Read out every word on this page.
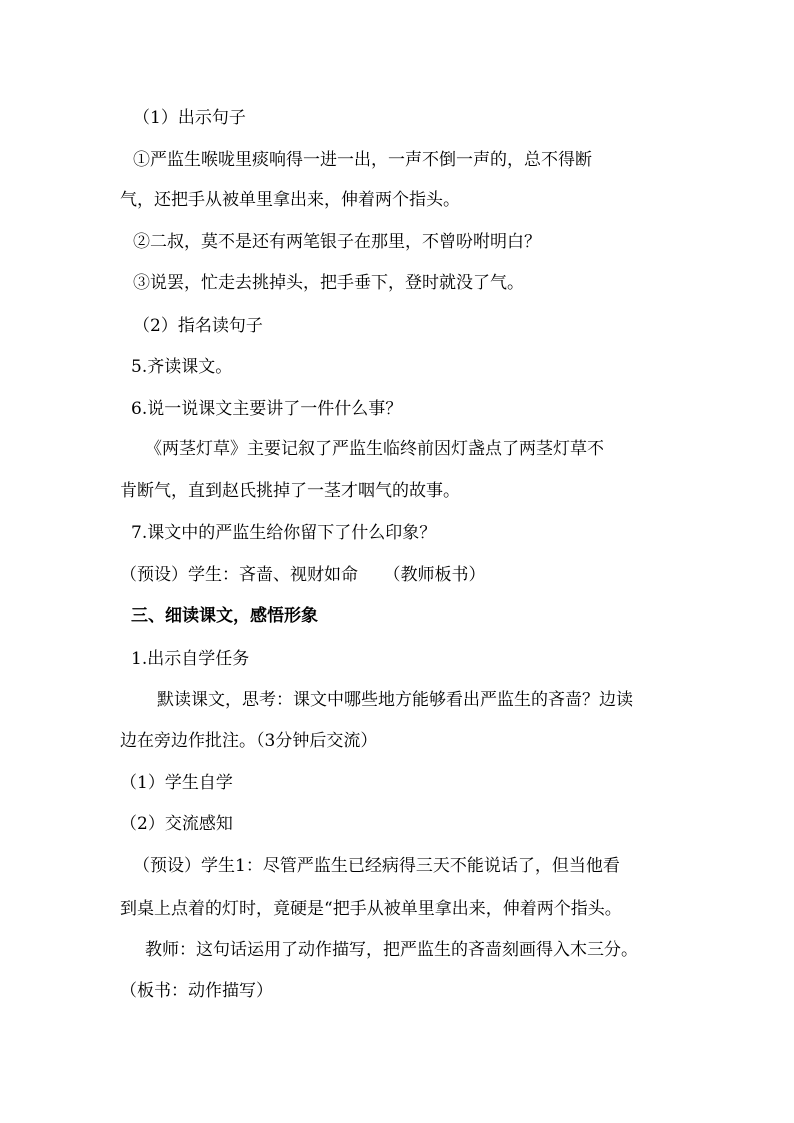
（1）出示句子
①严监生喉咙里痰响得一进一出，一声不倒一声的，总不得断
气，还把手从被单里拿出来，伸着两个指头。
②二叔，莫不是还有两笔银子在那里，不曾吩咐明白？
③说罢，忙走去挑掉头，把手垂下，登时就没了气。
（2）指名读句子
5.齐读课文。
6.说一说课文主要讲了一件什么事？
《两茎灯草》主要记叙了严监生临终前因灯盏点了两茎灯草不
肯断气，直到赵氏挑掉了一茎才咽气的故事。
7.课文中的严监生给你留下了什么印象？
（预设）学生：吝啬、视财如命　　（教师板书）
三、细读课文，感悟形象
1.出示自学任务
默读课文，思考：课文中哪些地方能够看出严监生的吝啬？边读
边在旁边作批注。（3分钟后交流）
（1）学生自学
（2）交流感知
（预设）学生1：尽管严监生已经病得三天不能说话了，但当他看
到桌上点着的灯时，竟硬是“把手从被单里拿出来，伸着两个指头。
教师：这句话运用了动作描写，把严监生的吝啬刻画得入木三分。
（板书：动作描写）
